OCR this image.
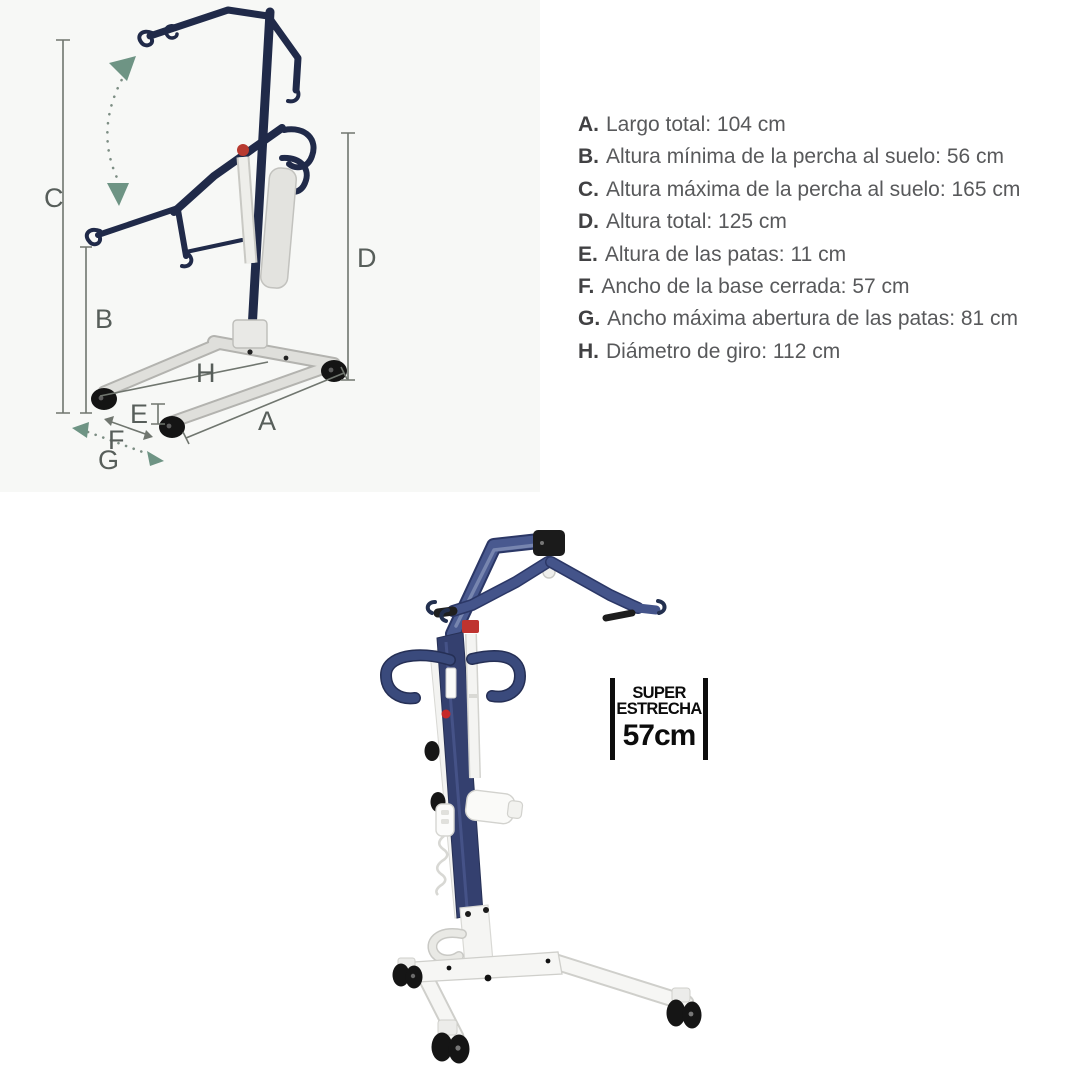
C
B
D
H
E
F
G
A
A. Largo total: 104 cm
B. Altura mínima de la percha al suelo: 56 cm
C. Altura máxima de la percha al suelo: 165 cm
D. Altura total: 125 cm
E. Altura de las patas: 11 cm
F. Ancho de la base cerrada: 57 cm
G. Ancho máxima abertura de las patas: 81 cm
H. Diámetro de giro: 112 cm
SUPER
ESTRECHA
57cm
